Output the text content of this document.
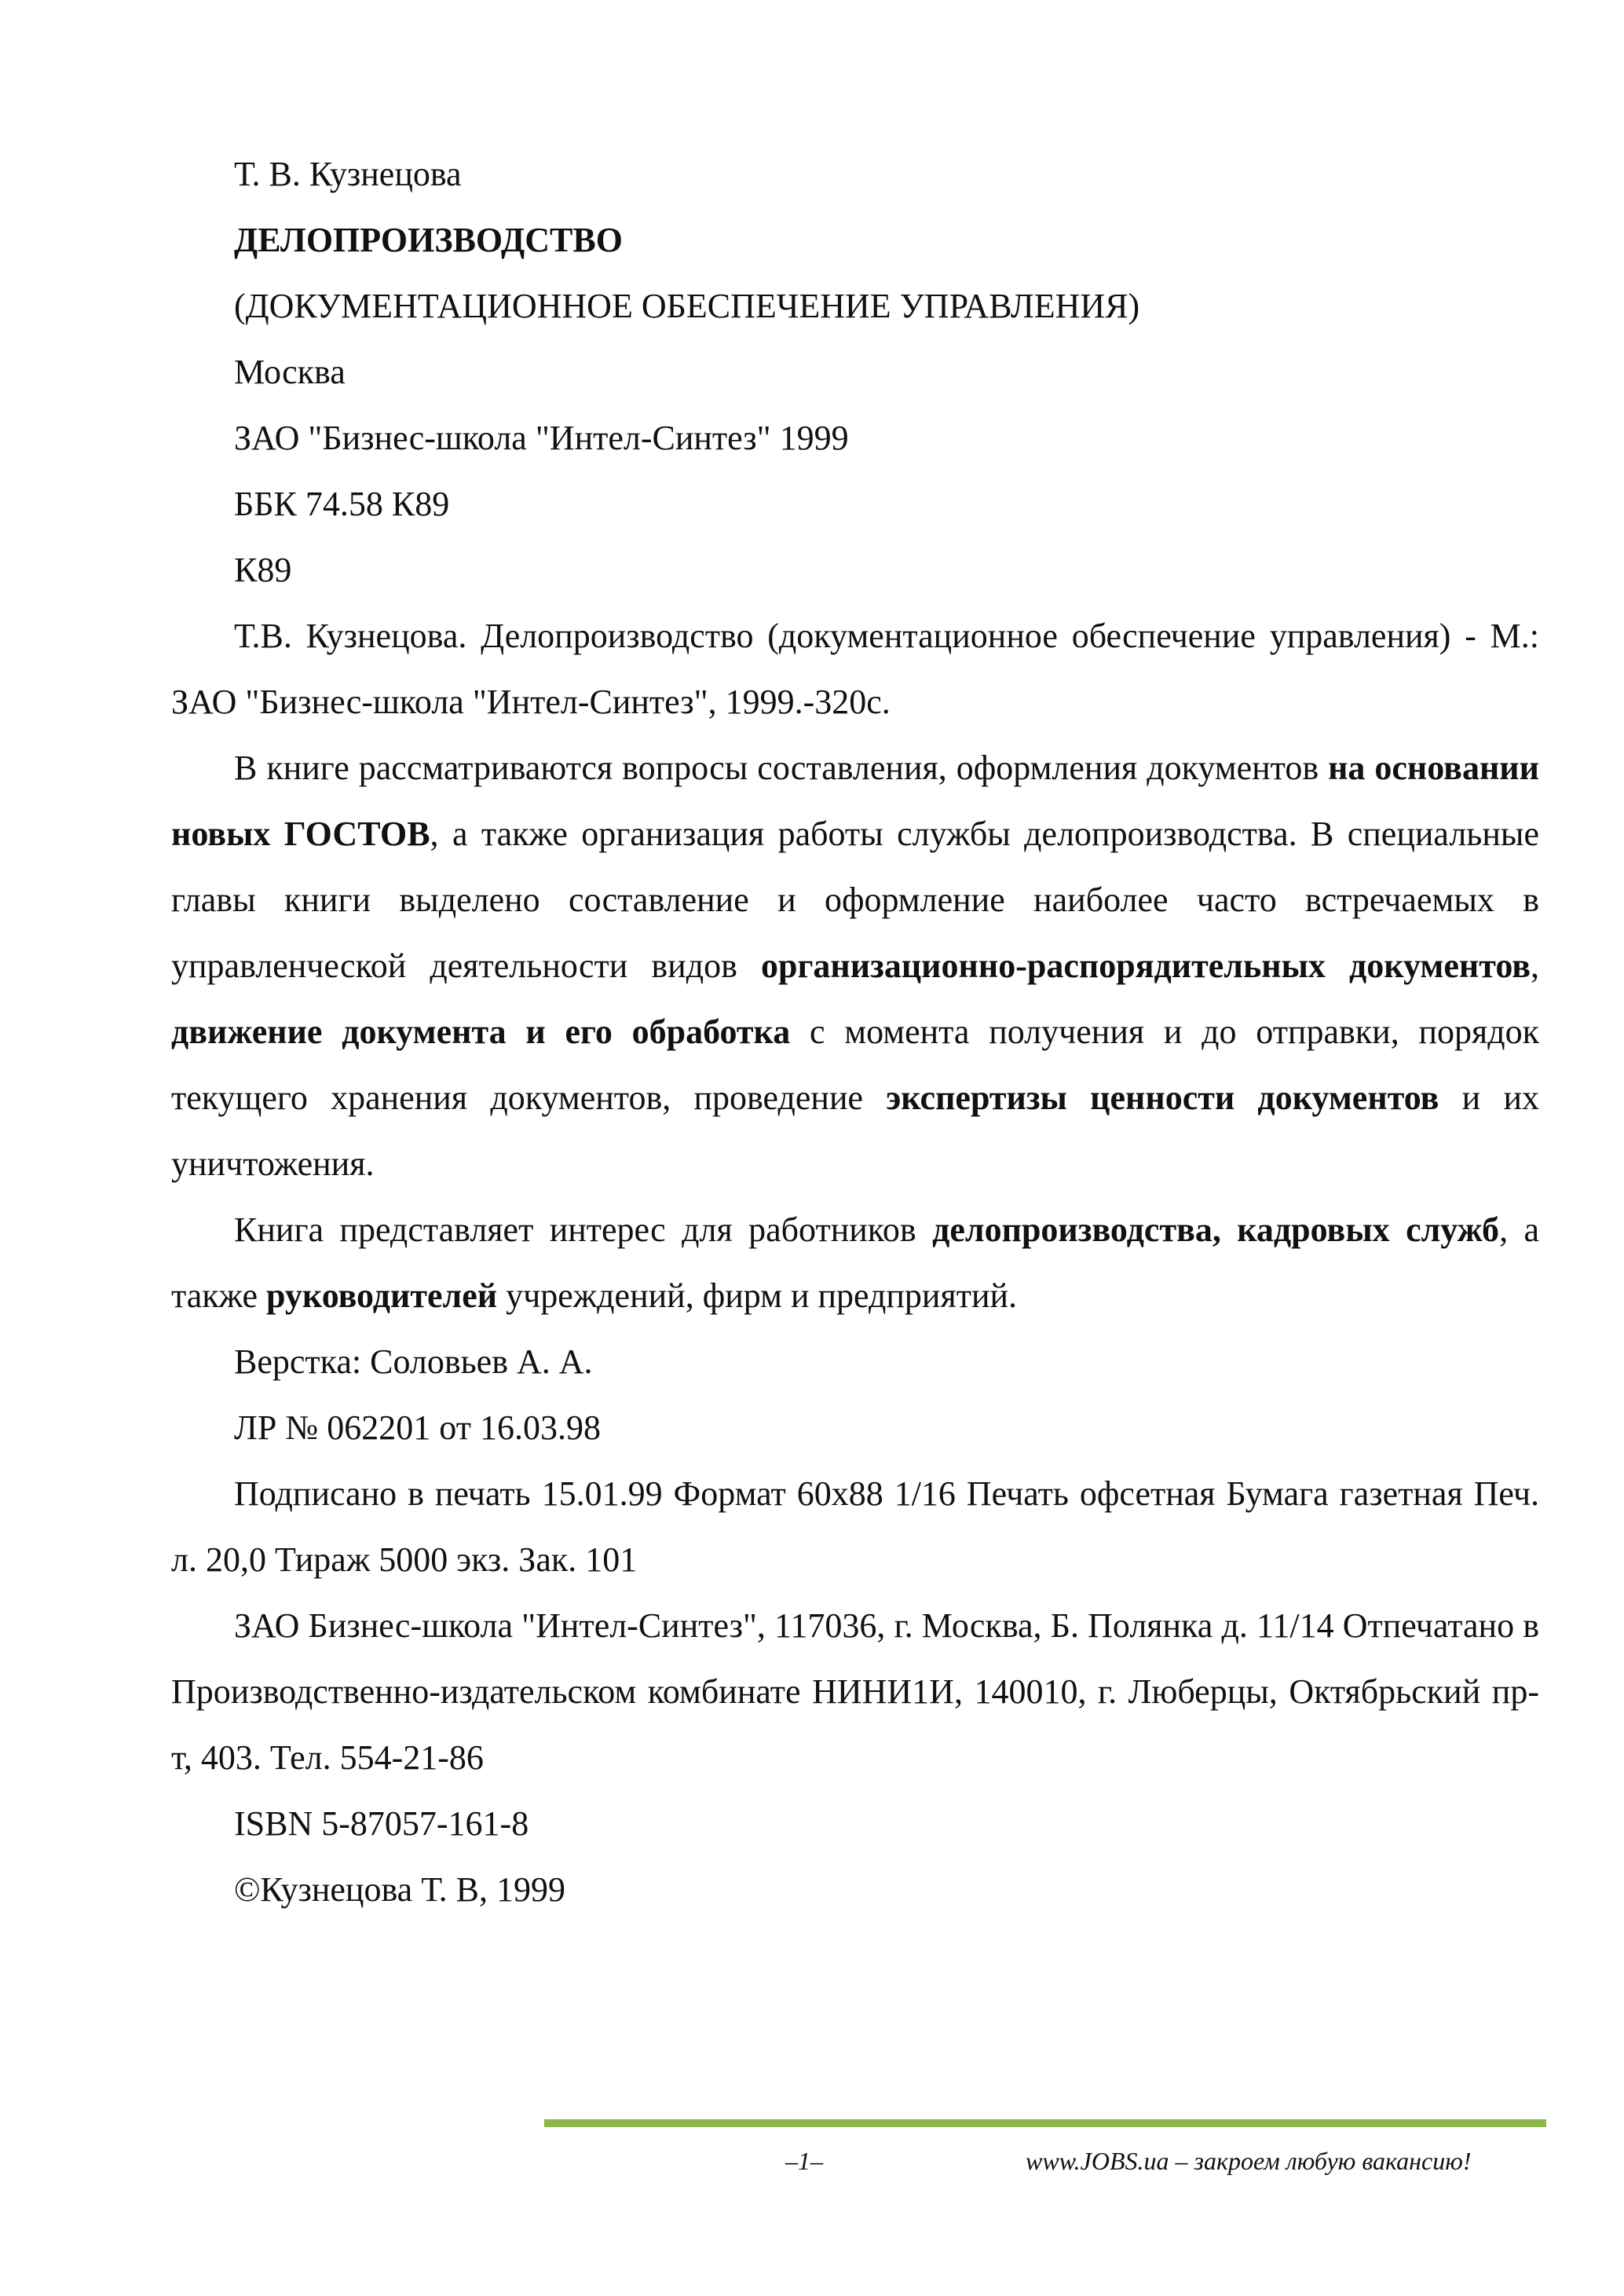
Т. В. Кузнецова

ДЕЛОПРОИЗВОДСТВО

(ДОКУМЕНТАЦИОННОЕ ОБЕСПЕЧЕНИЕ УПРАВЛЕНИЯ)

Москва

ЗАО "Бизнес-школа "Интел-Синтез" 1999

ББК 74.58 К89

К89

Т.В. Кузнецова. Делопроизводство (документационное обеспечение управления) - М.: ЗАО "Бизнес-школа "Интел-Синтез", 1999.-320с.

В книге рассматриваются вопросы составления, оформления документов на основании новых ГОСТОВ, а также организация работы службы делопроизводства. В специальные главы книги выделено составление и оформление наиболее часто встречаемых в управленческой деятельности видов организационно-распорядительных документов, движение документа и его обработка с момента получения и до отправки, порядок текущего хранения документов, проведение экспертизы ценности документов и их уничтожения.

Книга представляет интерес для работников делопроизводства, кадровых служб, а также руководителей учреждений, фирм и предприятий.

Верстка: Соловьев А. А.

ЛР № 062201 от 16.03.98

Подписано в печать 15.01.99 Формат 60x88 1/16 Печать офсетная Бумага газетная Печ. л. 20,0 Тираж 5000 экз. Зак. 101

ЗАО Бизнес-школа "Интел-Синтез", 117036, г. Москва, Б. Полянка д. 11/14 Отпечатано в Производственно-издательском комбинате НИНИ1И, 140010, г. Люберцы, Октябрьский пр-т, 403. Тел. 554-21-86

ISBN 5-87057-161-8

©Кузнецова Т. В, 1999

–1–	www.JOBS.ua – закроем любую вакансию!
